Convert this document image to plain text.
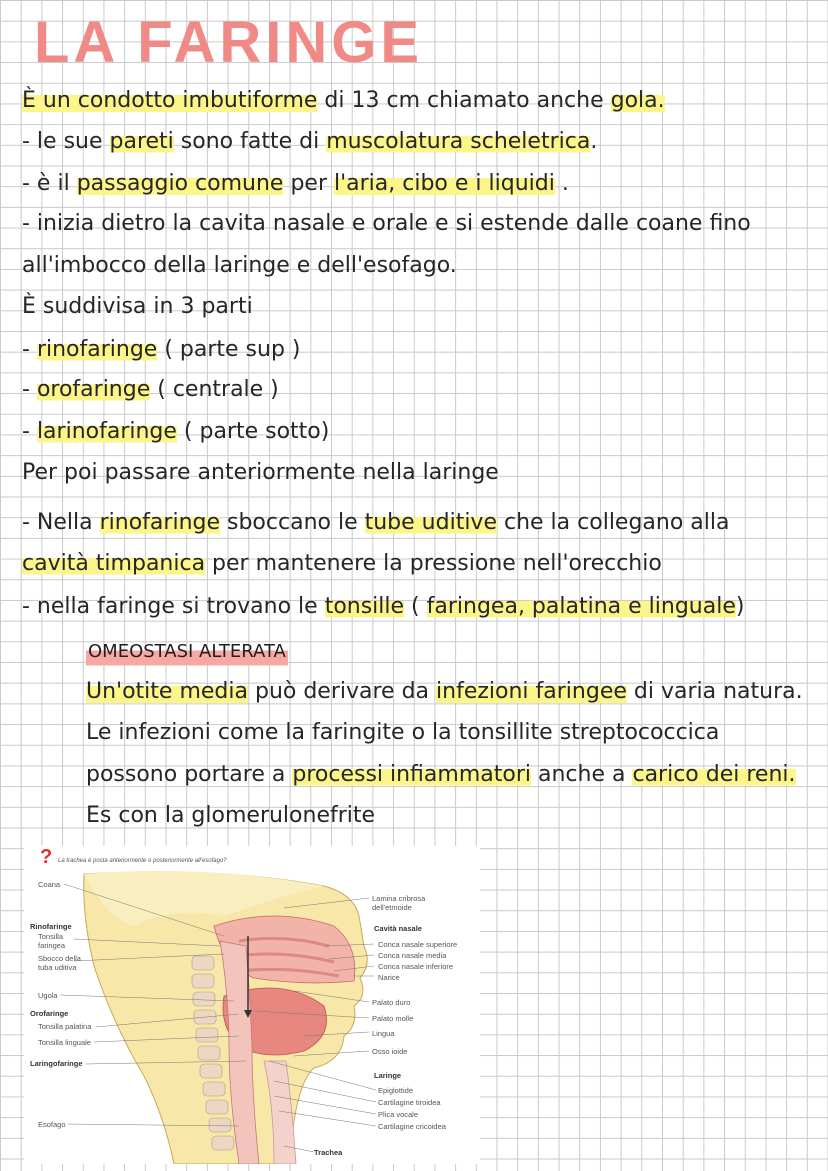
LA FARINGE
È un condotto imbutiforme di 13 cm chiamato anche gola.
- le sue pareti sono fatte di muscolatura scheletrica.
- è il passaggio comune per l'aria, cibo e i liquidi .
- inizia dietro la cavita nasale e orale e si estende dalle coane fino
all'imbocco della laringe e dell'esofago.
È suddivisa in 3 parti
- rinofaringe ( parte sup )
- orofaringe ( centrale )
- larinofaringe ( parte sotto)
Per poi passare anteriormente nella laringe
- Nella rinofaringe sboccano le tube uditive che la collegano alla
cavità timpanica per mantenere la pressione nell'orecchio
- nella faringe si trovano le tonsille ( faringea, palatina e linguale)
Un'otite media può derivare da infezioni faringee di varia natura.
Le infezioni come la faringite o la tonsillite streptococcica
possono portare a processi infiammatori anche a carico dei reni.
Es con la glomerulonefrite
OMEOSTASI ALTERATA
? La trachea è posta anteriormente o posteriormente all'esofago?
Coana
Rinofaringe
Tonsilla
faringea
Sbocco della
tuba uditiva
Ugola
Orofaringe
Tonsilla palatina
Tonsilla linguale
Laringofaringe
Esofago
Lamina cribrosa
dell'etmoide
Cavità nasale
Conca nasale superiore
Conca nasale media
Conca nasale inferiore
Narice
Palato duro
Palato molle
Lingua
Osso ioide
Laringe
Epiglottide
Cartilagine tiroidea
Plica vocale
Cartilagine cricoidea
Trachea
